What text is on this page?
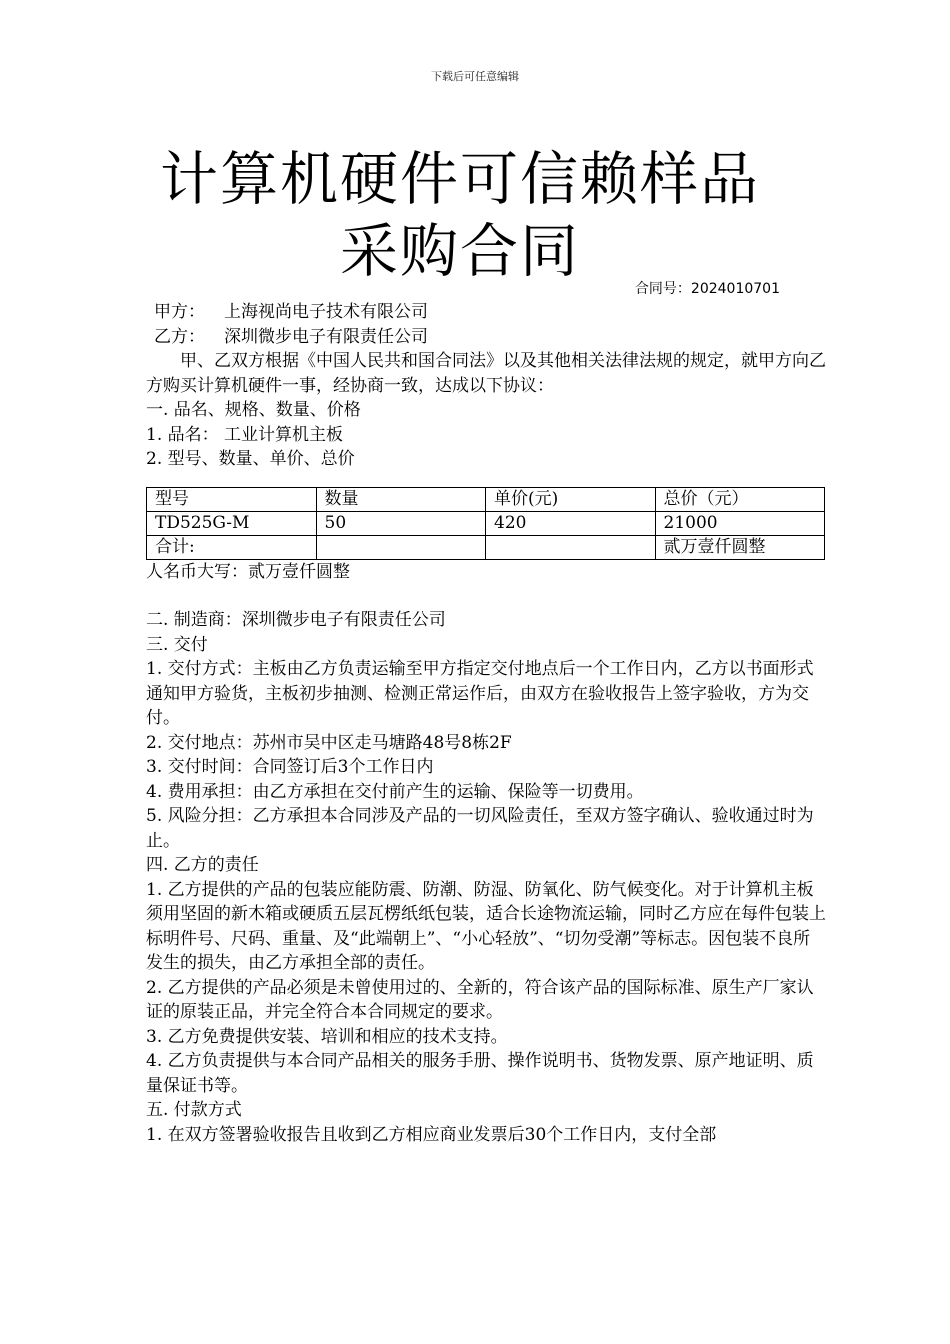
下载后可任意编辑
计算机硬件可信赖样品
采购合同
合同号：2024010701

甲方： 上海视尚电子技术有限公司

乙方： 深圳微步电子有限责任公司

甲、乙双方根据《中国人民共和国合同法》以及其他相关法律法规的规定，就甲方向乙方购买计算机硬件一事，经协商一致，达成以下协议：

一. 品名、规格、数量、价格

1. 品名： 工业计算机主板

2. 型号、数量、单价、总价

型号	数量	单价(元)	总价（元）
TD525G-M	50	420	21000
合计:			贰万壹仟圆整

人名币大写：贰万壹仟圆整

二. 制造商：深圳微步电子有限责任公司

三. 交付

1. 交付方式：主板由乙方负责运输至甲方指定交付地点后一个工作日内，乙方以书面形式通知甲方验货，主板初步抽测、检测正常运作后，由双方在验收报告上签字验收，方为交付。

2. 交付地点：苏州市吴中区走马塘路48号8栋2F

3. 交付时间：合同签订后3个工作日内

4. 费用承担：由乙方承担在交付前产生的运输、保险等一切费用。

5. 风险分担：乙方承担本合同涉及产品的一切风险责任，至双方签字确认、验收通过时为止。

四. 乙方的责任

1. 乙方提供的产品的包装应能防震、防潮、防湿、防氧化、防气候变化。对于计算机主板须用坚固的新木箱或硬质五层瓦楞纸纸包装，适合长途物流运输，同时乙方应在每件包装上标明件号、尺码、重量、及“此端朝上”、“小心轻放”、“切勿受潮”等标志。因包装不良所发生的损失，由乙方承担全部的责任。

2. 乙方提供的产品必须是未曾使用过的、全新的，符合该产品的国际标准、原生产厂家认证的原装正品，并完全符合本合同规定的要求。

3. 乙方免费提供安装、培训和相应的技术支持。

4. 乙方负责提供与本合同产品相关的服务手册、操作说明书、货物发票、原产地证明、质量保证书等。

五. 付款方式

1. 在双方签署验收报告且收到乙方相应商业发票后30个工作日内，支付全部
